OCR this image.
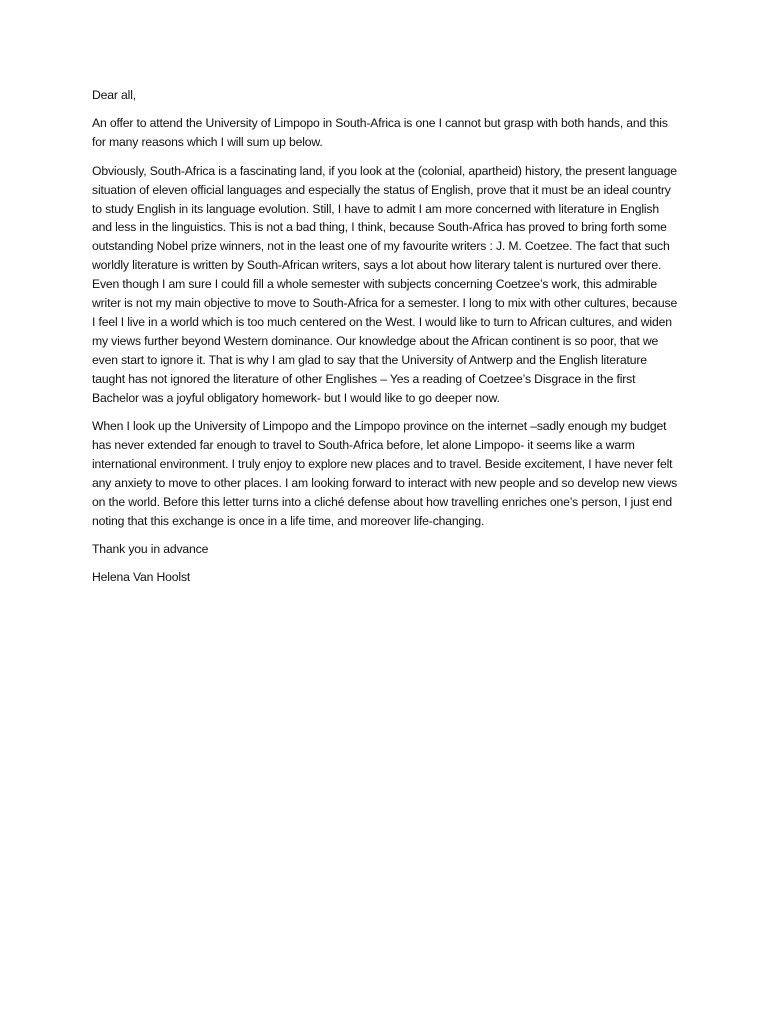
Dear all,

An offer to attend the University of Limpopo in South-Africa is one I cannot but grasp with both hands, and this for many reasons which I will sum up below.

Obviously, South-Africa is a fascinating land, if you look at the (colonial, apartheid) history, the present language situation of eleven official languages and especially the status of English, prove that it must be an ideal country to study English in its language evolution. Still, I have to admit I am more concerned with literature in English and less in the linguistics. This is not a bad thing, I think, because South-Africa has proved to bring forth some outstanding Nobel prize winners, not in the least one of my favourite writers : J. M. Coetzee. The fact that such worldly literature is written by South-African writers, says a lot about how literary talent is nurtured over there. Even though I am sure I could fill a whole semester with subjects concerning Coetzee’s work, this admirable writer is not my main objective to move to South-Africa for a semester. I long to mix with other cultures, because I feel I live in a world which is too much centered on the West. I would like to turn to African cultures, and widen my views further beyond Western dominance. Our knowledge about the African continent is so poor, that we even start to ignore it. That is why I am glad to say that the University of Antwerp and the English literature taught has not ignored the literature of other Englishes – Yes a reading of Coetzee’s Disgrace in the first Bachelor was a joyful obligatory homework- but I would like to go deeper now.

When I look up the University of Limpopo and the Limpopo province on the internet –sadly enough my budget has never extended far enough to travel to South-Africa before, let alone Limpopo- it seems like a warm international environment. I truly enjoy to explore new places and to travel. Beside excitement, I have never felt any anxiety to move to other places. I am looking forward to interact with new people and so develop new views on the world. Before this letter turns into a cliché defense about how travelling enriches one’s person, I just end noting that this exchange is once in a life time, and moreover life-changing.

Thank you in advance

Helena Van Hoolst
